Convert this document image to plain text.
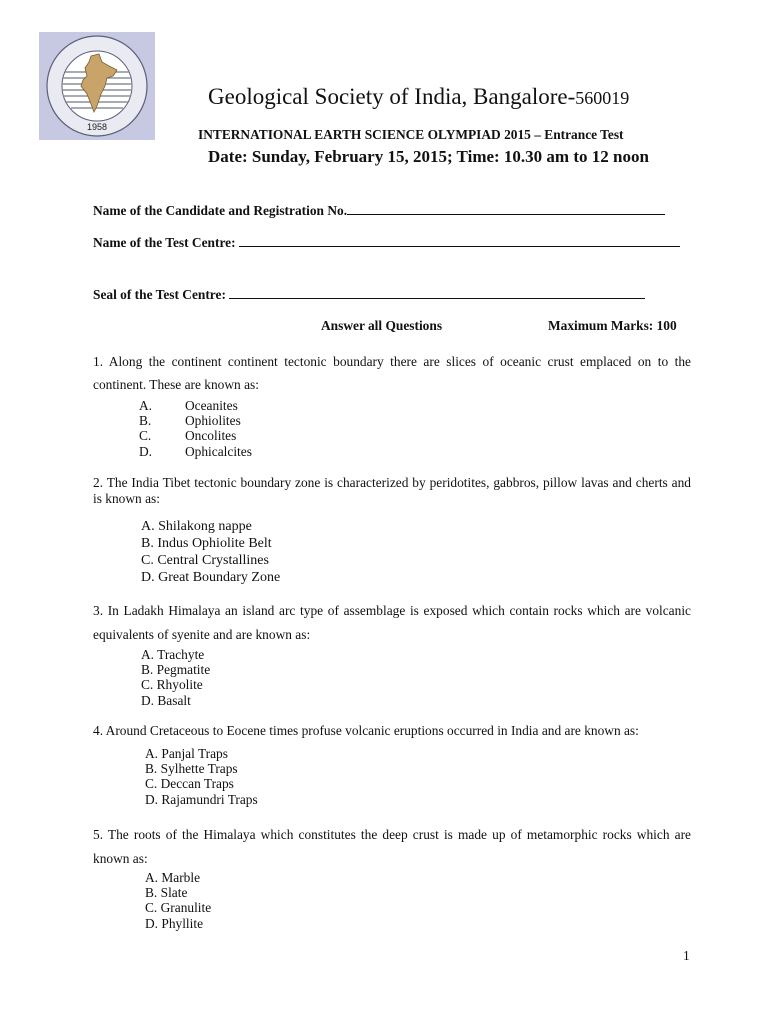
1958
Geological Society of India, Bangalore-560019
INTERNATIONAL EARTH SCIENCE OLYMPIAD 2015 – Entrance Test
Date: Sunday, February 15, 2015; Time: 10.30 am to 12 noon
Name of the Candidate and Registration No.
Name of the Test Centre:
Seal of the Test Centre:
Answer all Questions	Maximum Marks: 100
1. Along the continent continent tectonic boundary there are slices of oceanic crust emplaced on to the continent. These are known as:
A. Oceanites
B.	Ophiolites
C.	Oncolites
D. Ophicalcites
2. The India Tibet tectonic boundary zone is characterized by peridotites, gabbros, pillow lavas and cherts and is known as:
A. Shilakong nappe
B. Indus Ophiolite Belt
C. Central Crystallines
D. Great Boundary Zone
3. In Ladakh Himalaya an island arc type of assemblage is exposed which contain rocks which are volcanic equivalents of syenite and are known as:
A. Trachyte
B. Pegmatite
C. Rhyolite
D. Basalt
4. Around Cretaceous to Eocene times profuse volcanic eruptions occurred in India and are known as:
A. Panjal Traps
B. Sylhette Traps
C. Deccan Traps
D. Rajamundri Traps
5. The roots of the Himalaya which constitutes the deep crust is made up of metamorphic rocks which are known as:
A. Marble
B. Slate
C. Granulite
D. Phyllite
1
